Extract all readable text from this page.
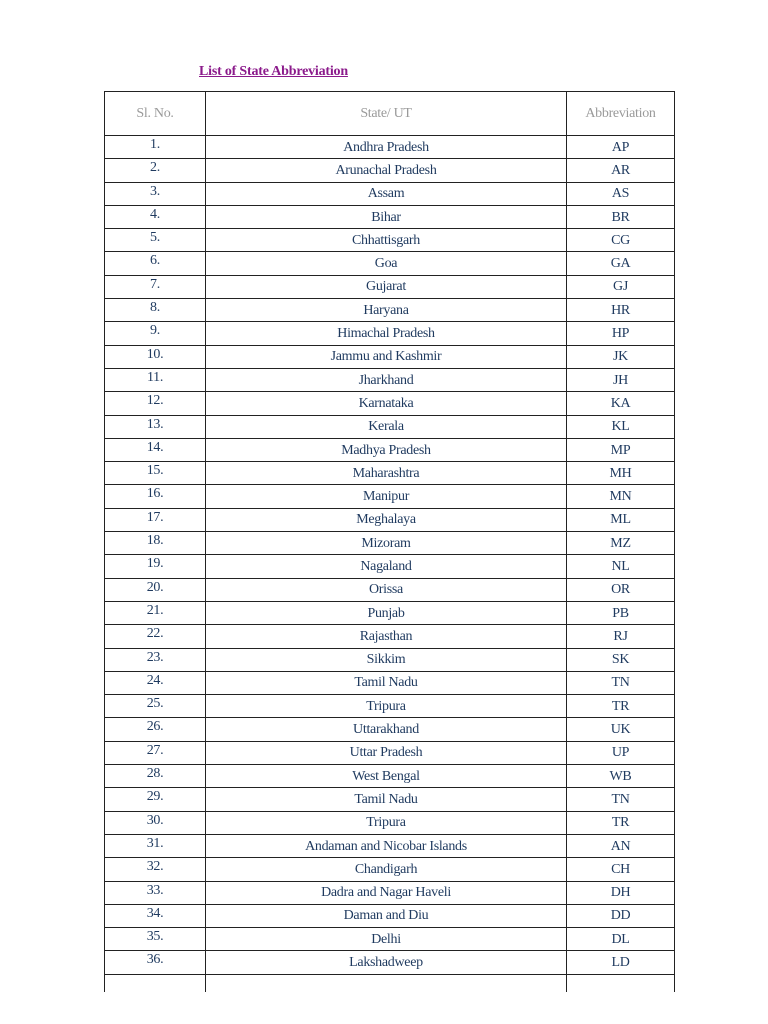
List of State Abbreviation
Sl. No.	State/ UT	Abbreviation
1.	Andhra Pradesh	AP
2.	Arunachal Pradesh	AR
3.	Assam	AS
4.	Bihar	BR
5.	Chhattisgarh	CG
6.	Goa	GA
7.	Gujarat	GJ
8.	Haryana	HR
9.	Himachal Pradesh	HP
10.	Jammu and Kashmir	JK
11.	Jharkhand	JH
12.	Karnataka	KA
13.	Kerala	KL
14.	Madhya Pradesh	MP
15.	Maharashtra	MH
16.	Manipur	MN
17.	Meghalaya	ML
18.	Mizoram	MZ
19.	Nagaland	NL
20.	Orissa	OR
21.	Punjab	PB
22.	Rajasthan	RJ
23.	Sikkim	SK
24.	Tamil Nadu	TN
25.	Tripura	TR
26.	Uttarakhand	UK
27.	Uttar Pradesh	UP
28.	West Bengal	WB
29.	Tamil Nadu	TN
30.	Tripura	TR
31.	Andaman and Nicobar Islands	AN
32.	Chandigarh	CH
33.	Dadra and Nagar Haveli	DH
34.	Daman and Diu	DD
35.	Delhi	DL
36.	Lakshadweep	LD
